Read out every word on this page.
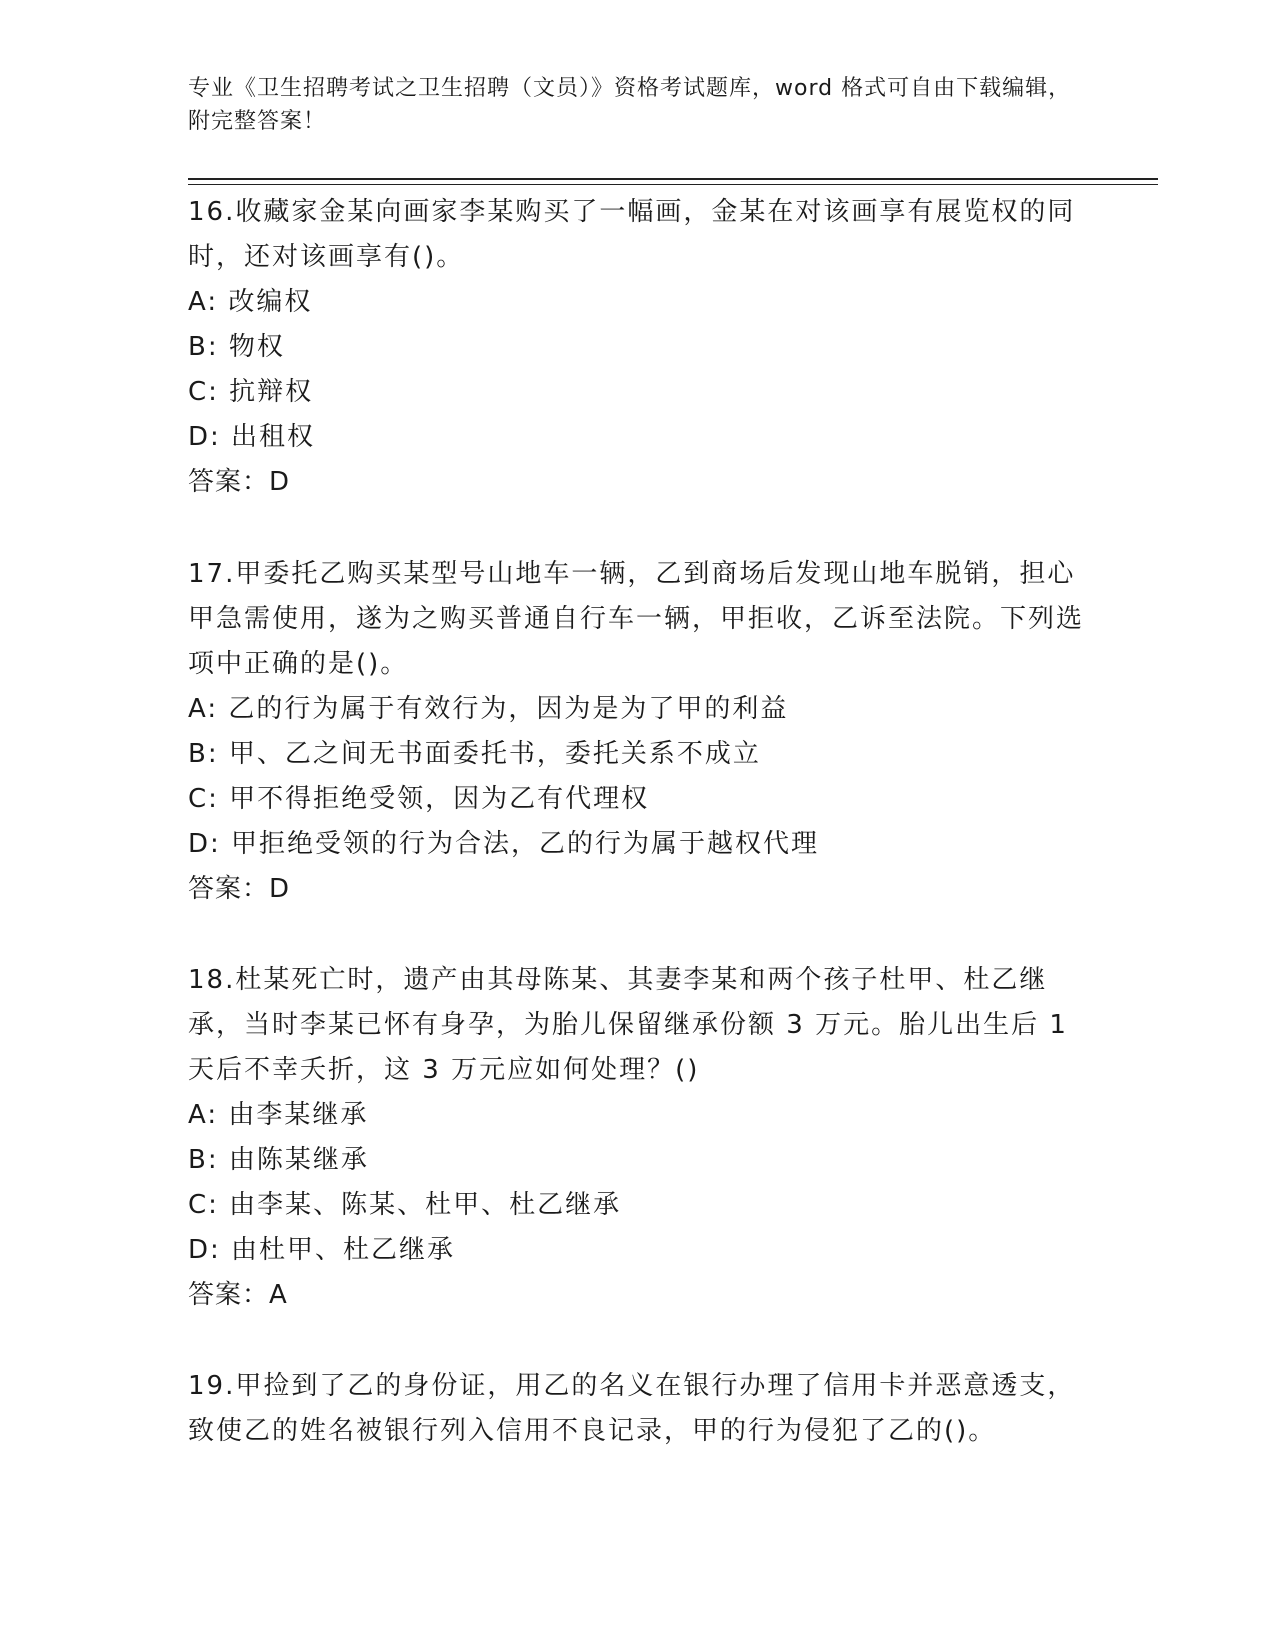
专业《卫生招聘考试之卫生招聘（文员）》资格考试题库，word 格式可自由下载编辑，附完整答案！

16.收藏家金某向画家李某购买了一幅画，金某在对该画享有展览权的同时，还对该画享有()。

A: 改编权

B: 物权

C: 抗辩权

D: 出租权

答案：D

17.甲委托乙购买某型号山地车一辆，乙到商场后发现山地车脱销，担心甲急需使用，遂为之购买普通自行车一辆，甲拒收，乙诉至法院。下列选项中正确的是()。

A: 乙的行为属于有效行为，因为是为了甲的利益

B: 甲、乙之间无书面委托书，委托关系不成立

C: 甲不得拒绝受领，因为乙有代理权

D: 甲拒绝受领的行为合法，乙的行为属于越权代理

答案：D

18.杜某死亡时，遗产由其母陈某、其妻李某和两个孩子杜甲、杜乙继承，当时李某已怀有身孕，为胎儿保留继承份额 3 万元。胎儿出生后 1 天后不幸夭折，这 3 万元应如何处理？()

A: 由李某继承

B: 由陈某继承

C: 由李某、陈某、杜甲、杜乙继承

D: 由杜甲、杜乙继承

答案：A

19.甲捡到了乙的身份证，用乙的名义在银行办理了信用卡并恶意透支，致使乙的姓名被银行列入信用不良记录，甲的行为侵犯了乙的()。
